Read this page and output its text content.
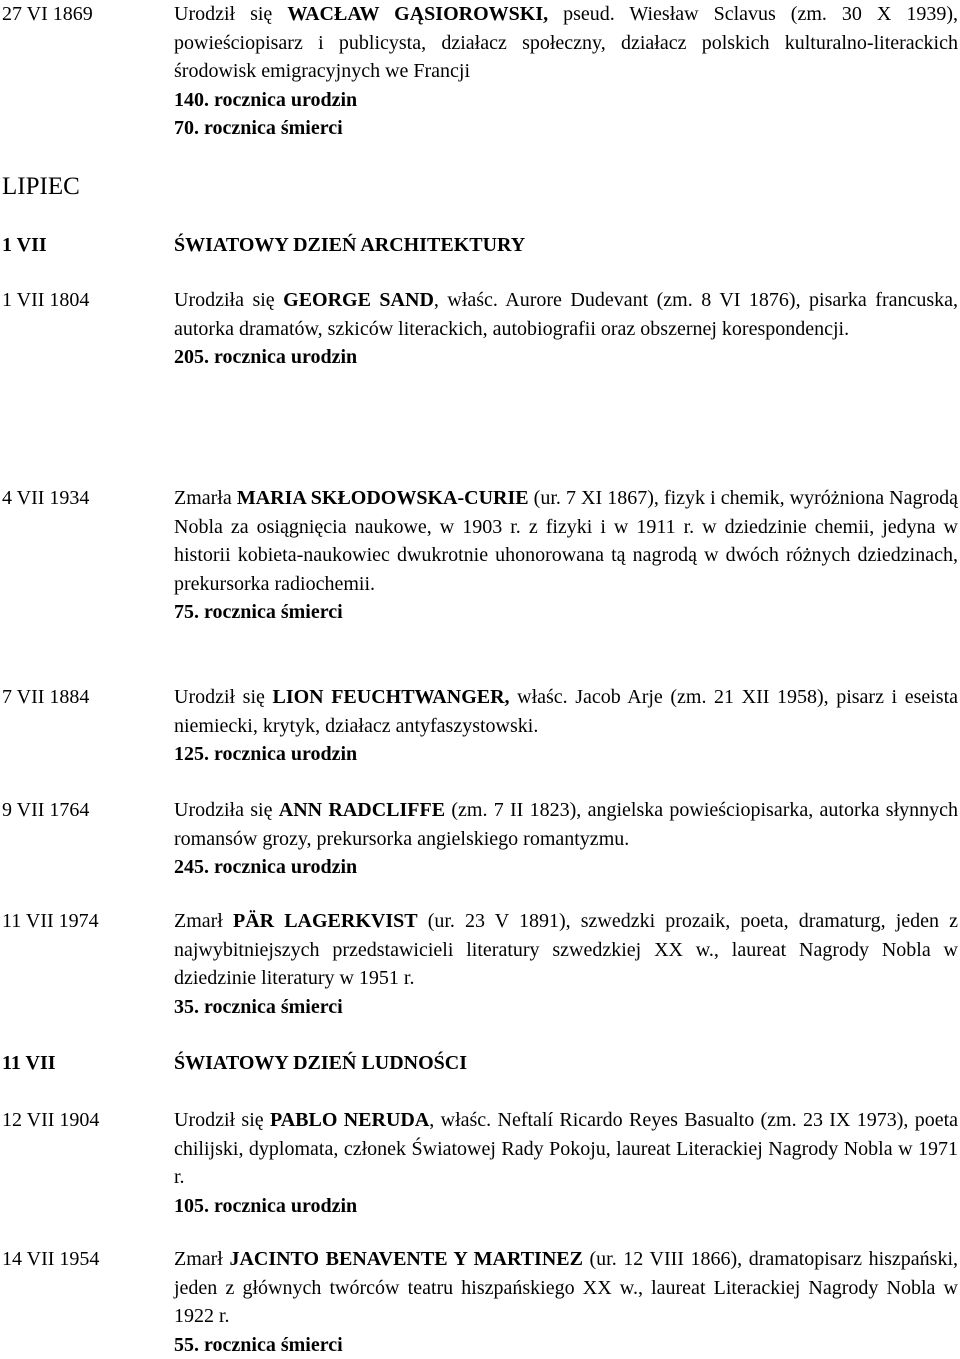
27 VI 1869	Urodził się WACŁAW GĄSIOROWSKI, pseud. Wiesław Sclavus (zm. 30 X 1939), powieściopisarz i publicysta, działacz społeczny, działacz polskich kulturalno-literackich środowisk emigracyjnych we Francji
140. rocznica urodzin
70. rocznica śmierci
LIPIEC
1 VII	ŚWIATOWY DZIEŃ ARCHITEKTURY
1 VII 1804	Urodziła się GEORGE SAND, właśc. Aurore Dudevant (zm. 8 VI 1876), pisarka francuska, autorka dramatów, szkiców literackich, autobiografii oraz obszernej korespondencji.
205. rocznica urodzin
4 VII 1934	Zmarła MARIA SKŁODOWSKA-CURIE (ur. 7 XI 1867), fizyk i chemik, wyróżniona Nagrodą Nobla za osiągnięcia naukowe, w 1903 r. z fizyki i w 1911 r. w dziedzinie chemii, jedyna w historii kobieta-naukowiec dwukrotnie uhonorowana tą nagrodą w dwóch różnych dziedzinach, prekursorka radiochemii.
75. rocznica śmierci
7 VII 1884	Urodził się LION FEUCHTWANGER, właśc. Jacob Arje (zm. 21 XII 1958), pisarz i eseista niemiecki, krytyk, działacz antyfaszystowski.
125. rocznica urodzin
9 VII 1764	Urodziła się ANN RADCLIFFE (zm. 7 II 1823), angielska powieściopisarka, autorka słynnych romansów grozy, prekursorka angielskiego romantyzmu.
245. rocznica urodzin
11 VII 1974	Zmarł PÄR LAGERKVIST (ur. 23 V 1891), szwedzki prozaik, poeta, dramaturg, jeden z najwybitniejszych przedstawicieli literatury szwedzkiej XX w., laureat Nagrody Nobla w dziedzinie literatury w 1951 r.
35. rocznica śmierci
11 VII	ŚWIATOWY DZIEŃ LUDNOŚCI
12 VII 1904	Urodził się PABLO NERUDA, właśc. Neftalí Ricardo Reyes Basualto (zm. 23 IX 1973), poeta chilijski, dyplomata, członek Światowej Rady Pokoju, laureat Literackiej Nagrody Nobla w 1971 r.
105. rocznica urodzin
14 VII 1954	Zmarł JACINTO BENAVENTE Y MARTINEZ (ur. 12 VIII 1866), dramatopisarz hiszpański, jeden z głównych twórców teatru hiszpańskiego XX w., laureat Literackiej Nagrody Nobla w 1922 r.
55. rocznica śmierci
